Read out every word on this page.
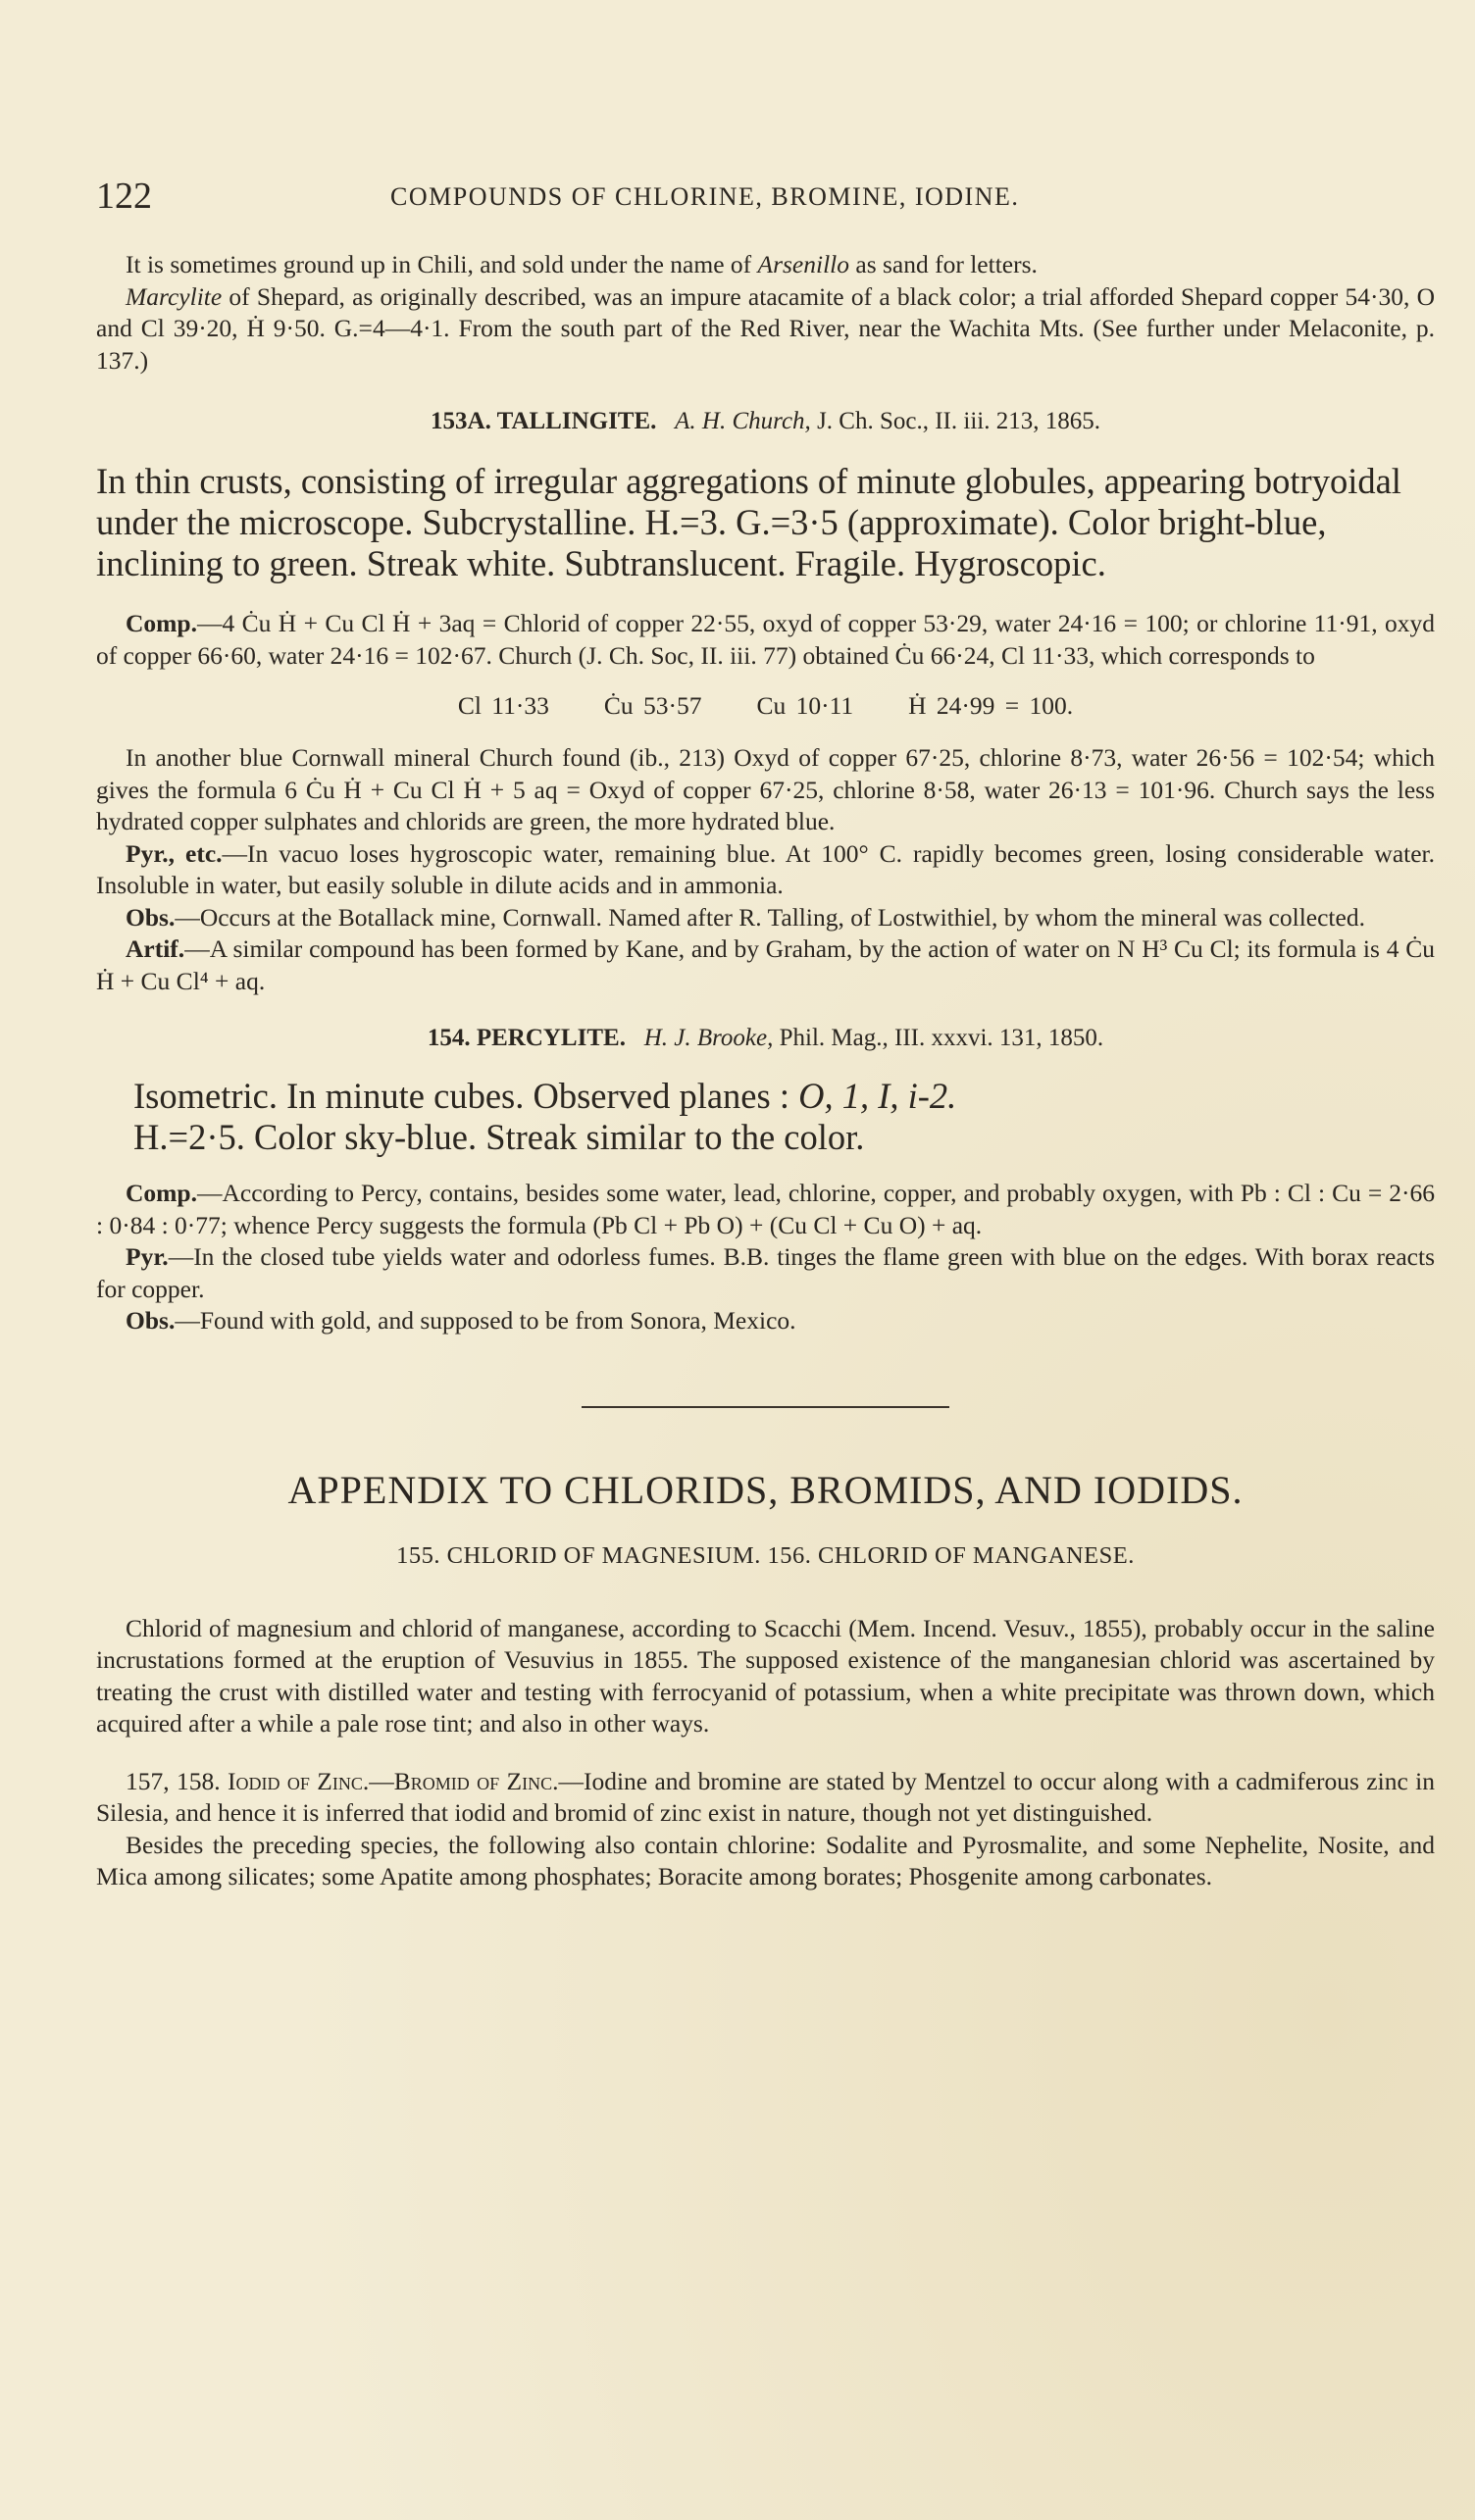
122	COMPOUNDS OF CHLORINE, BROMINE, IODINE.

It is sometimes ground up in Chili, and sold under the name of Arsenillo as sand for letters.

Marcylite of Shepard, as originally described, was an impure atacamite of a black color; a trial afforded Shepard copper 54·30, O and Cl 39·20, Ḣ 9·50. G.=4—4·1. From the south part of the Red River, near the Wachita Mts. (See further under Melaconite, p. 137.)

153A. TALLINGITE. A. H. Church, J. Ch. Soc., II. iii. 213, 1865.

In thin crusts, consisting of irregular aggregations of minute globules, appearing botryoidal under the microscope. Subcrystalline. H.=3. G.=3·5 (approximate). Color bright-blue, inclining to green. Streak white. Subtranslucent. Fragile. Hygroscopic.

Comp.—4 Ċu Ḣ + Cu Cl Ḣ + 3aq = Chlorid of copper 22·55, oxyd of copper 53·29, water 24·16 = 100; or chlorine 11·91, oxyd of copper 66·60, water 24·16 = 102·67. Church (J. Ch. Soc, II. iii. 77) obtained Ċu 66·24, Cl 11·33, which corresponds to

Cl 11·33 Ċu 53·57 Cu 10·11 Ḣ 24·99 = 100.

In another blue Cornwall mineral Church found (ib., 213) Oxyd of copper 67·25, chlorine 8·73, water 26·56 = 102·54; which gives the formula 6 Ċu Ḣ + Cu Cl Ḣ + 5 aq = Oxyd of copper 67·25, chlorine 8·58, water 26·13 = 101·96. Church says the less hydrated copper sulphates and chlorids are green, the more hydrated blue.

Pyr., etc.—In vacuo loses hygroscopic water, remaining blue. At 100° C. rapidly becomes green, losing considerable water. Insoluble in water, but easily soluble in dilute acids and in ammonia.

Obs.—Occurs at the Botallack mine, Cornwall. Named after R. Talling, of Lostwithiel, by whom the mineral was collected.

Artif.—A similar compound has been formed by Kane, and by Graham, by the action of water on N H³ Cu Cl; its formula is 4 Ċu Ḣ + Cu Cl⁴ + aq.

154. PERCYLITE. H. J. Brooke, Phil. Mag., III. xxxvi. 131, 1850.

Isometric. In minute cubes. Observed planes : O, 1, I, i-2.

H.=2·5. Color sky-blue. Streak similar to the color.

Comp.—According to Percy, contains, besides some water, lead, chlorine, copper, and probably oxygen, with Pb : Cl : Cu = 2·66 : 0·84 : 0·77; whence Percy suggests the formula (Pb Cl + Pb O) + (Cu Cl + Cu O) + aq.

Pyr.—In the closed tube yields water and odorless fumes. B.B. tinges the flame green with blue on the edges. With borax reacts for copper.

Obs.—Found with gold, and supposed to be from Sonora, Mexico.

APPENDIX TO CHLORIDS, BROMIDS, AND IODIDS.

155. CHLORID OF MAGNESIUM. 156. CHLORID OF MANGANESE.

Chlorid of magnesium and chlorid of manganese, according to Scacchi (Mem. Incend. Vesuv., 1855), probably occur in the saline incrustations formed at the eruption of Vesuvius in 1855. The supposed existence of the manganesian chlorid was ascertained by treating the crust with distilled water and testing with ferrocyanid of potassium, when a white precipitate was thrown down, which acquired after a while a pale rose tint; and also in other ways.

157, 158. Iodid of Zinc.—Bromid of Zinc.—Iodine and bromine are stated by Mentzel to occur along with a cadmiferous zinc in Silesia, and hence it is inferred that iodid and bromid of zinc exist in nature, though not yet distinguished.

Besides the preceding species, the following also contain chlorine: Sodalite and Pyrosmalite, and some Nephelite, Nosite, and Mica among silicates; some Apatite among phosphates; Boracite among borates; Phosgenite among carbonates.
